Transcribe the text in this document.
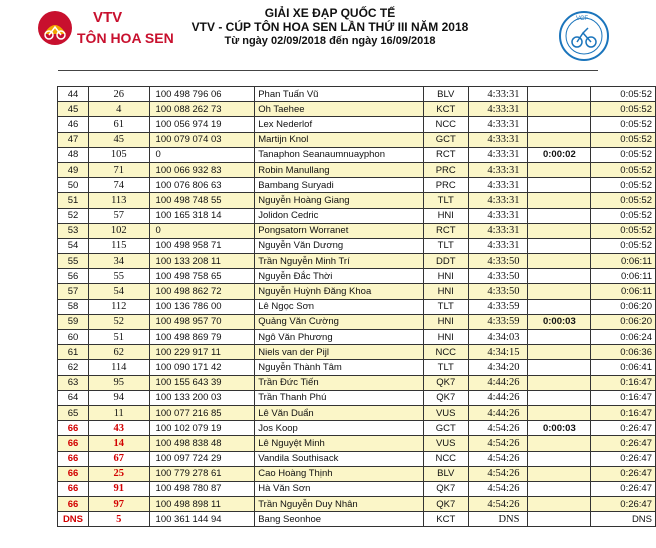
VTV
TÔN HOA SEN
GIẢI XE ĐẠP QUỐC TẾ
VTV - CÚP TÔN HOA SEN LẦN THỨ III NĂM 2018
Từ ngày 02/09/2018 đến ngày 16/09/2018
VCF
44	26	100 498 796 06	Phan Tuấn Vũ	BLV	4:33:31		0:05:52
45	4	100 088 262 73	Oh Taehee	KCT	4:33:31		0:05:52
46	61	100 056 974 19	Lex Nederlof	NCC	4:33:31		0:05:52
47	45	100 079 074 03	Martijn Knol	GCT	4:33:31		0:05:52
48	105	0	Tanaphon Seanaumnuayphon	RCT	4:33:31	0:00:02	0:05:52
49	71	100 066 932 83	Robin Manullang	PRC	4:33:31		0:05:52
50	74	100 076 806 63	Bambang Suryadi	PRC	4:33:31		0:05:52
51	113	100 498 748 55	Nguyễn Hoàng Giang	TLT	4:33:31		0:05:52
52	57	100 165 318 14	Jolidon Cedric	HNI	4:33:31		0:05:52
53	102	0	Pongsatorn Worranet	RCT	4:33:31		0:05:52
54	115	100 498 958 71	Nguyễn Văn Dương	TLT	4:33:31		0:05:52
55	34	100 133 208 11	Trần Nguyễn Minh Trí	DDT	4:33:50		0:06:11
56	55	100 498 758 65	Nguyễn Đắc Thời	HNI	4:33:50		0:06:11
57	54	100 498 862 72	Nguyễn Huỳnh Đăng Khoa	HNI	4:33:50		0:06:11
58	112	100 136 786 00	Lê Ngọc Sơn	TLT	4:33:59		0:06:20
59	52	100 498 957 70	Quảng Văn Cường	HNI	4:33:59	0:00:03	0:06:20
60	51	100 498 869 79	Ngô Văn Phương	HNI	4:34:03		0:06:24
61	62	100 229 917 11	Niels van der Pijl	NCC	4:34:15		0:06:36
62	114	100 090 171 42	Nguyễn Thành Tâm	TLT	4:34:20		0:06:41
63	95	100 155 643 39	Trần Đức Tiến	QK7	4:44:26		0:16:47
64	94	100 133 200 03	Trần Thanh Phú	QK7	4:44:26		0:16:47
65	11	100 077 216 85	Lê Văn Duẩn	VUS	4:44:26		0:16:47
66	43	100 102 079 19	Jos Koop	GCT	4:54:26	0:00:03	0:26:47
66	14	100 498 838 48	Lê Nguyệt Minh	VUS	4:54:26		0:26:47
66	67	100 097 724 29	Vandila Southisack	NCC	4:54:26		0:26:47
66	25	100 779 278 61	Cao Hoàng Thịnh	BLV	4:54:26		0:26:47
66	91	100 498 780 87	Hà Văn Sơn	QK7	4:54:26		0:26:47
66	97	100 498 898 11	Trần Nguyễn Duy Nhân	QK7	4:54:26		0:26:47
DNS	5	100 361 144 94	Bang Seonhoe	KCT	DNS		DNS
